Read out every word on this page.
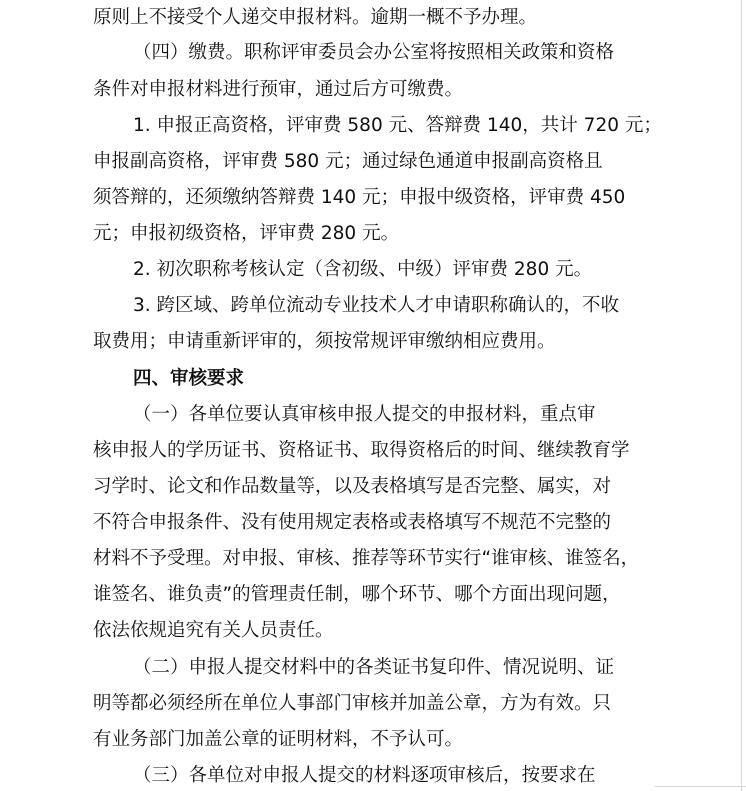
原则上不接受个人递交申报材料。逾期一概不予办理。
（四）缴费。职称评审委员会办公室将按照相关政策和资格
条件对申报材料进行预审，通过后方可缴费。
1. 申报正高资格，评审费 580 元、答辩费 140，共计 720 元；
申报副高资格，评审费 580 元；通过绿色通道申报副高资格且
须答辩的，还须缴纳答辩费 140 元；申报中级资格，评审费 450
元；申报初级资格，评审费 280 元。
2. 初次职称考核认定（含初级、中级）评审费 280 元。
3. 跨区域、跨单位流动专业技术人才申请职称确认的，不收
取费用；申请重新评审的，须按常规评审缴纳相应费用。
四、审核要求
（一）各单位要认真审核申报人提交的申报材料，重点审
核申报人的学历证书、资格证书、取得资格后的时间、继续教育学
习学时、论文和作品数量等，以及表格填写是否完整、属实，对
不符合申报条件、没有使用规定表格或表格填写不规范不完整的
材料不予受理。对申报、审核、推荐等环节实行“谁审核、谁签名，
谁签名、谁负责”的管理责任制，哪个环节、哪个方面出现问题，
依法依规追究有关人员责任。
（二）申报人提交材料中的各类证书复印件、情况说明、证
明等都必须经所在单位人事部门审核并加盖公章，方为有效。只
有业务部门加盖公章的证明材料，不予认可。
（三）各单位对申报人提交的材料逐项审核后，按要求在
